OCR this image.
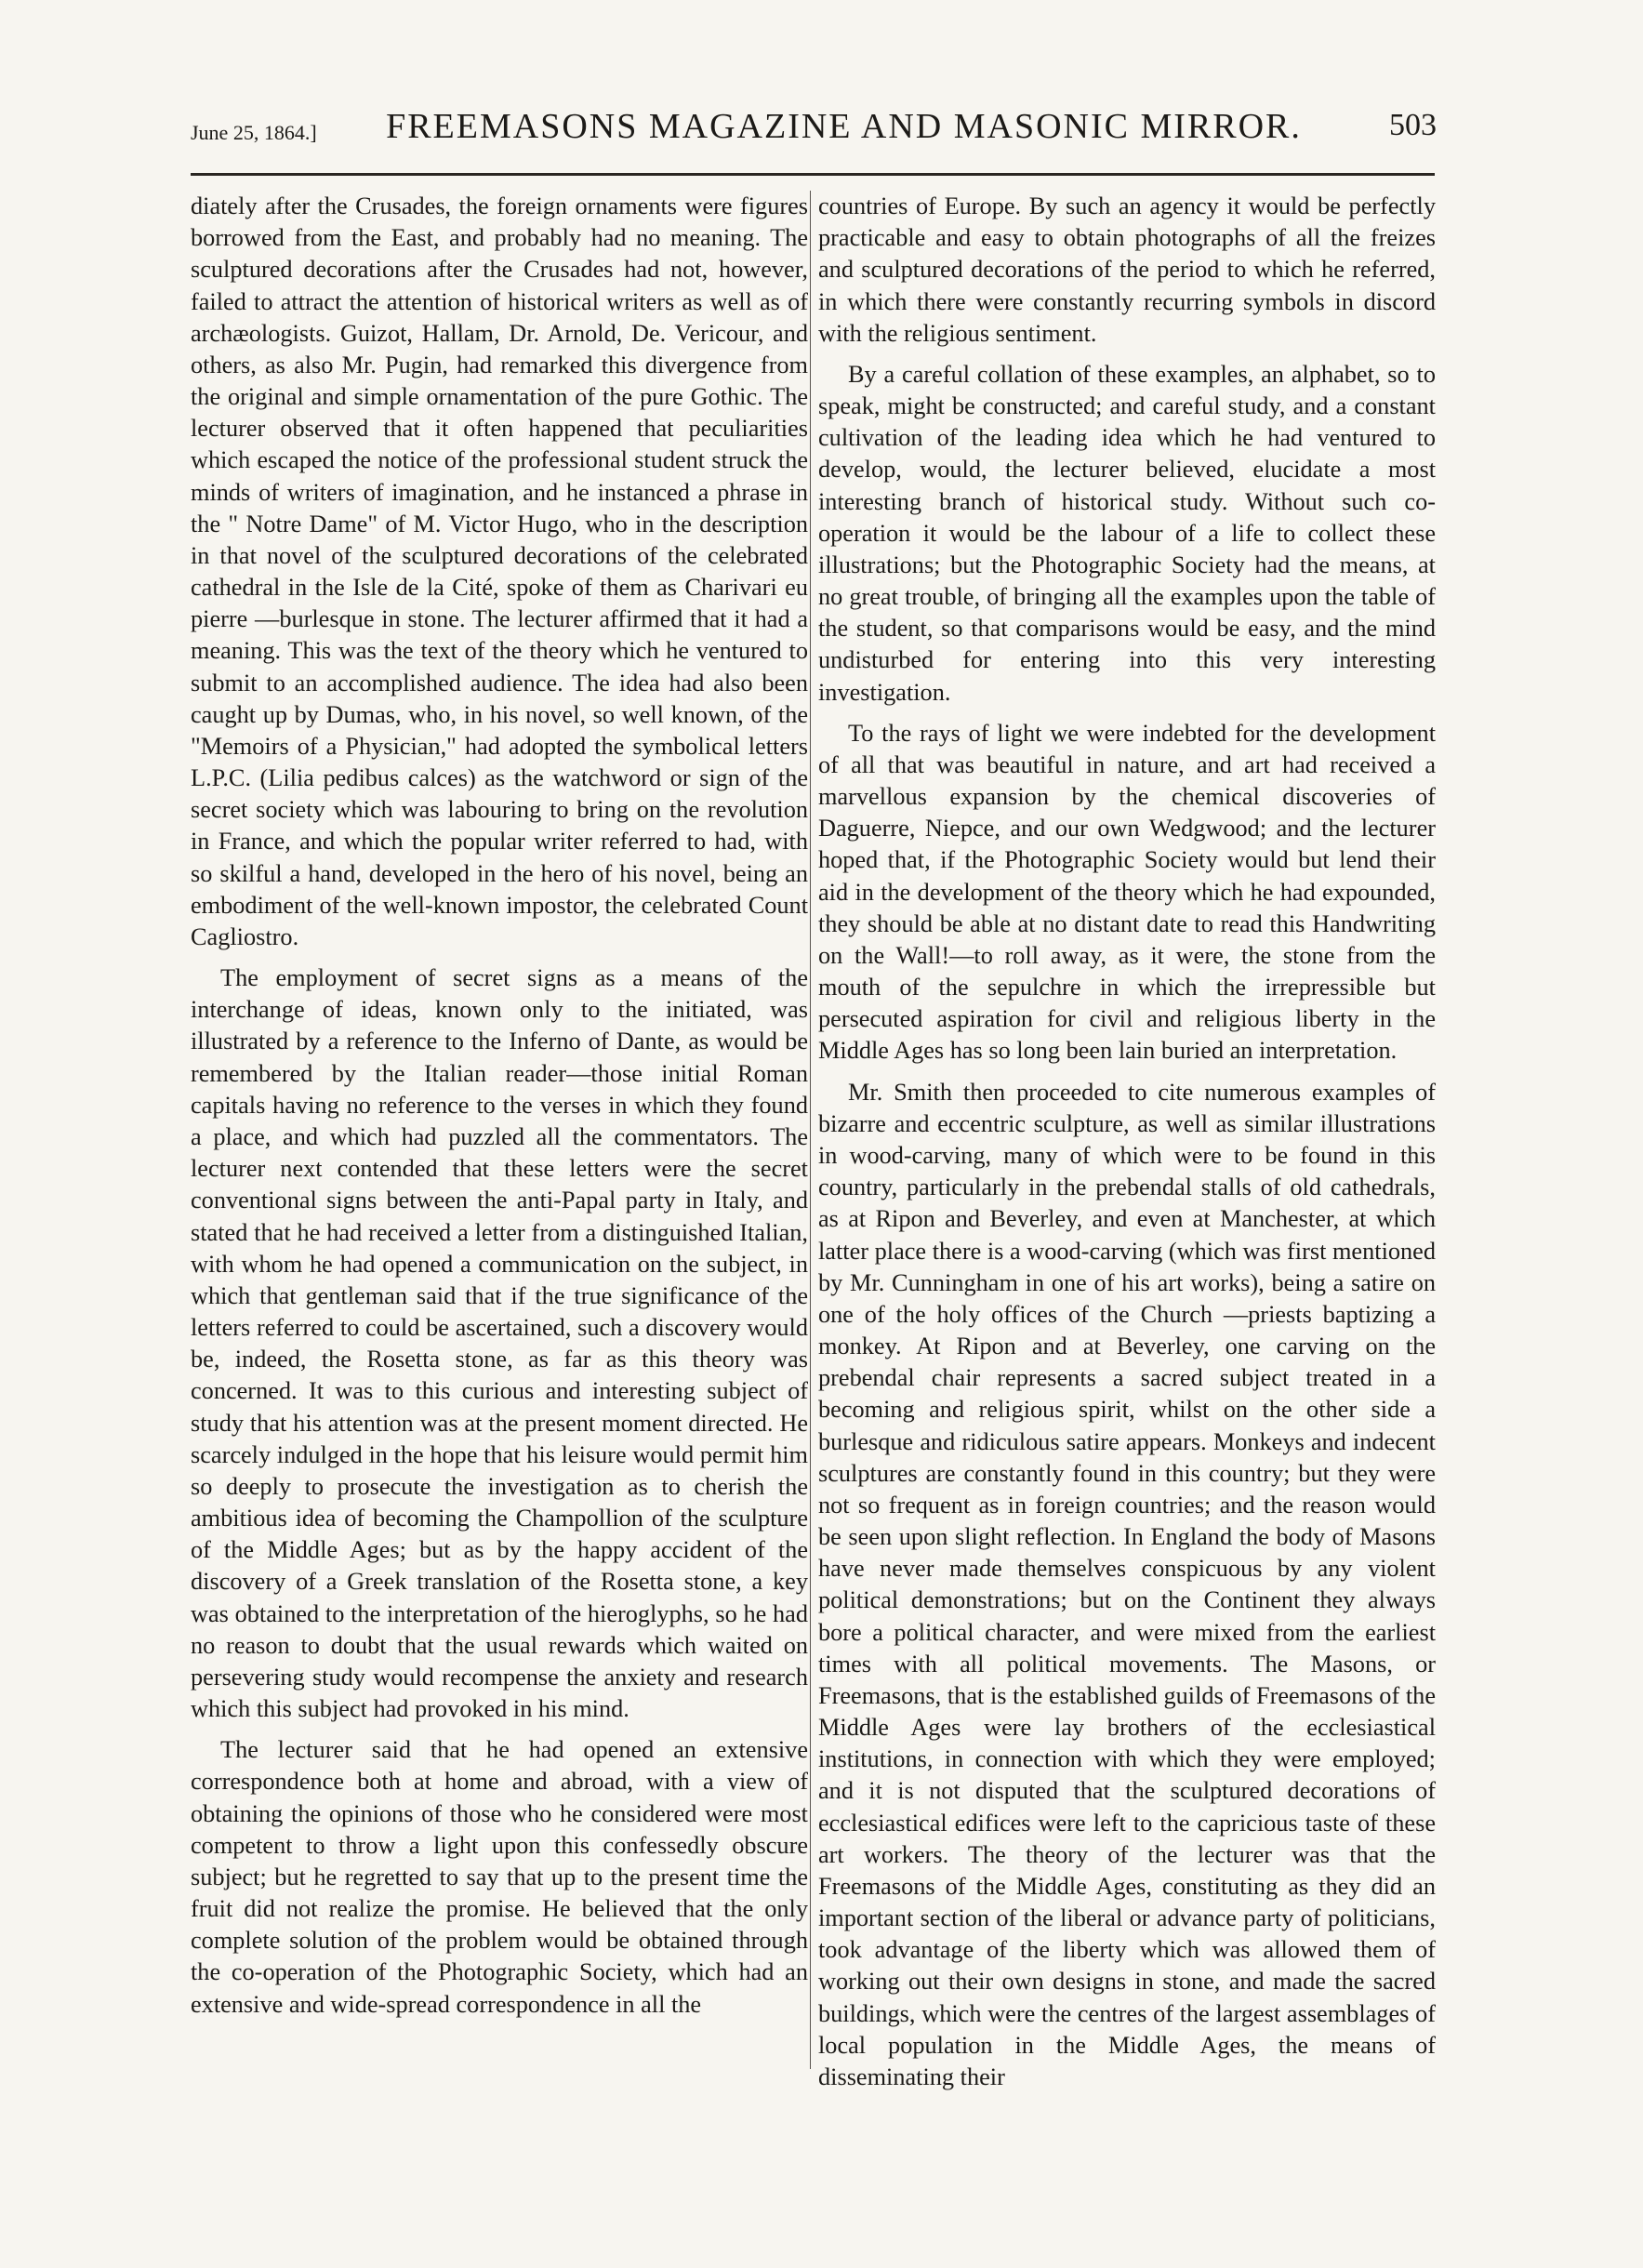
June 25, 1864.]	FREEMASONS MAGAZINE AND MASONIC MIRROR.	503

diately after the Crusades, the foreign ornaments were figures borrowed from the East, and probably had no meaning. The sculptured decorations after the Crusades had not, however, failed to attract the attention of historical writers as well as of archæologists. Guizot, Hallam, Dr. Arnold, De. Vericour, and others, as also Mr. Pugin, had remarked this divergence from the original and simple ornamentation of the pure Gothic. The lecturer observed that it often happened that peculiarities which escaped the notice of the professional student struck the minds of writers of imagination, and he instanced a phrase in the " Notre Dame" of M. Victor Hugo, who in the description in that novel of the sculptured decorations of the celebrated cathedral in the Isle de la Cité, spoke of them as Charivari eu pierre —burlesque in stone. The lecturer affirmed that it had a meaning. This was the text of the theory which he ventured to submit to an accomplished audience. The idea had also been caught up by Dumas, who, in his novel, so well known, of the "Memoirs of a Physician," had adopted the symbolical letters L.P.C. (Lilia pedibus calces) as the watchword or sign of the secret society which was labouring to bring on the revolution in France, and which the popular writer referred to had, with so skilful a hand, developed in the hero of his novel, being an embodiment of the well-known impostor, the celebrated Count Cagliostro.

The employment of secret signs as a means of the interchange of ideas, known only to the initiated, was illustrated by a reference to the Inferno of Dante, as would be remembered by the Italian reader—those initial Roman capitals having no reference to the verses in which they found a place, and which had puzzled all the commentators. The lecturer next contended that these letters were the secret conventional signs between the anti-Papal party in Italy, and stated that he had received a letter from a distinguished Italian, with whom he had opened a communication on the subject, in which that gentleman said that if the true significance of the letters referred to could be ascertained, such a discovery would be, indeed, the Rosetta stone, as far as this theory was concerned. It was to this curious and interesting subject of study that his attention was at the present moment directed. He scarcely indulged in the hope that his leisure would permit him so deeply to prosecute the investigation as to cherish the ambitious idea of becoming the Champollion of the sculpture of the Middle Ages; but as by the happy accident of the discovery of a Greek translation of the Rosetta stone, a key was obtained to the interpretation of the hieroglyphs, so he had no reason to doubt that the usual rewards which waited on persevering study would recompense the anxiety and research which this subject had provoked in his mind.

The lecturer said that he had opened an extensive correspondence both at home and abroad, with a view of obtaining the opinions of those who he considered were most competent to throw a light upon this confessedly obscure subject; but he regretted to say that up to the present time the fruit did not realize the promise. He believed that the only complete solution of the problem would be obtained through the co-operation of the Photographic Society, which had an extensive and wide-spread correspondence in all the

countries of Europe. By such an agency it would be perfectly practicable and easy to obtain photographs of all the freizes and sculptured decorations of the period to which he referred, in which there were constantly recurring symbols in discord with the religious sentiment.

By a careful collation of these examples, an alphabet, so to speak, might be constructed; and careful study, and a constant cultivation of the leading idea which he had ventured to develop, would, the lecturer believed, elucidate a most interesting branch of historical study. Without such co-operation it would be the labour of a life to collect these illustrations; but the Photographic Society had the means, at no great trouble, of bringing all the examples upon the table of the student, so that comparisons would be easy, and the mind undisturbed for entering into this very interesting investigation.

To the rays of light we were indebted for the development of all that was beautiful in nature, and art had received a marvellous expansion by the chemical discoveries of Daguerre, Niepce, and our own Wedgwood; and the lecturer hoped that, if the Photographic Society would but lend their aid in the development of the theory which he had expounded, they should be able at no distant date to read this Handwriting on the Wall!—to roll away, as it were, the stone from the mouth of the sepulchre in which the irrepressible but persecuted aspiration for civil and religious liberty in the Middle Ages has so long been lain buried an interpretation.

Mr. Smith then proceeded to cite numerous examples of bizarre and eccentric sculpture, as well as similar illustrations in wood-carving, many of which were to be found in this country, particularly in the prebendal stalls of old cathedrals, as at Ripon and Beverley, and even at Manchester, at which latter place there is a wood-carving (which was first mentioned by Mr. Cunningham in one of his art works), being a satire on one of the holy offices of the Church —priests baptizing a monkey. At Ripon and at Beverley, one carving on the prebendal chair represents a sacred subject treated in a becoming and religious spirit, whilst on the other side a burlesque and ridiculous satire appears. Monkeys and indecent sculptures are constantly found in this country; but they were not so frequent as in foreign countries; and the reason would be seen upon slight reflection. In England the body of Masons have never made themselves conspicuous by any violent political demonstrations; but on the Continent they always bore a political character, and were mixed from the earliest times with all political movements. The Masons, or Freemasons, that is the established guilds of Freemasons of the Middle Ages were lay brothers of the ecclesiastical institutions, in connection with which they were employed; and it is not disputed that the sculptured decorations of ecclesiastical edifices were left to the capricious taste of these art workers. The theory of the lecturer was that the Freemasons of the Middle Ages, constituting as they did an important section of the liberal or advance party of politicians, took advantage of the liberty which was allowed them of working out their own designs in stone, and made the sacred buildings, which were the centres of the largest assemblages of local population in the Middle Ages, the means of disseminating their
